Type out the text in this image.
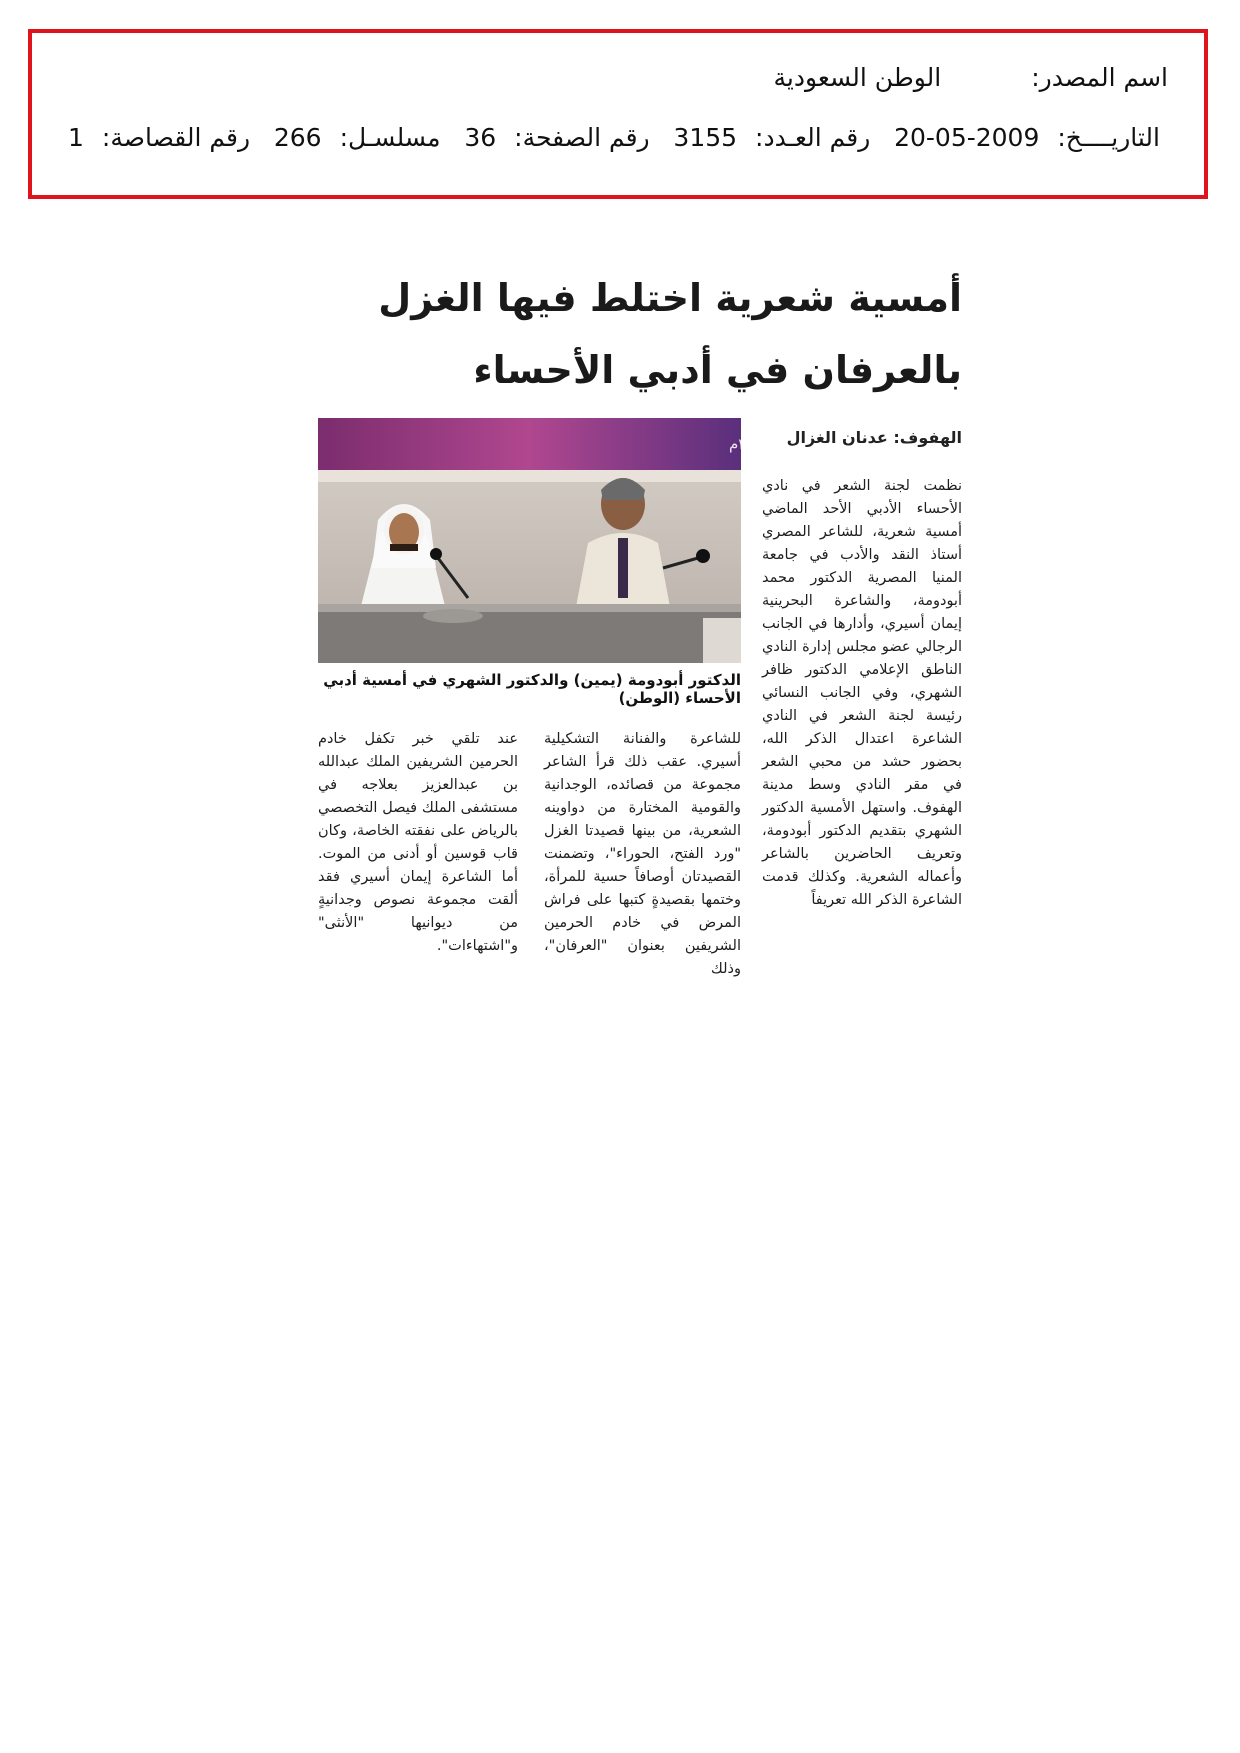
اسم المصدر:
الوطن السعودية
التاريــــخ:
20-05-2009
رقم العـدد:
3155
رقم الصفحة:
36
مسلسـل:
266
رقم القصاصة:
1
أمسية شعرية اختلط فيها الغزل
بالعرفان في أدبي الأحساء
الهفوف: عدنان الغزال
م
الدكتور أبودومة (يمين) والدكتور الشهري في أمسية أدبي الأحساء (الوطن)

نظمت لجنة الشعر في نادي الأحساء الأدبي الأحد الماضي أمسية شعرية، للشاعر المصري أستاذ النقد والأدب في جامعة المنيا المصرية الدكتور محمد أبودومة، والشاعرة البحرينية إيمان أسيري، وأدارها في الجانب الرجالي عضو مجلس إدارة النادي الناطق الإعلامي الدكتور ظافر الشهري، وفي الجانب النسائي رئيسة لجنة الشعر في النادي الشاعرة اعتدال الذكر الله، بحضور حشد من محبي الشعر في مقر النادي وسط مدينة الهفوف. واستهل الأمسية الدكتور الشهري بتقديم الدكتور أبودومة، وتعريف الحاضرين بالشاعر وأعماله الشعرية. وكذلك قدمت الشاعرة الذكر الله تعريفاً

للشاعرة والفنانة التشكيلية أسيري. عقب ذلك قرأ الشاعر مجموعة من قصائده، الوجدانية والقومية المختارة من دواوينه الشعرية، من بينها قصيدتا الغزل "ورد الفتح، الحوراء"، وتضمنت القصيدتان أوصافاً حسية للمرأة، وختمها بقصيدةٍ كتبها على فراش المرض في خادم الحرمين الشريفين بعنوان "العرفان"، وذلك

عند تلقي خبر تكفل خادم الحرمين الشريفين الملك عبدالله بن عبدالعزيز بعلاجه في مستشفى الملك فيصل التخصصي بالرياض على نفقته الخاصة، وكان قاب قوسين أو أدنى من الموت. أما الشاعرة إيمان أسيري فقد ألقت مجموعة نصوص وجدانيةٍ من ديوانيها "الأنثى" و"اشتهاءات".
